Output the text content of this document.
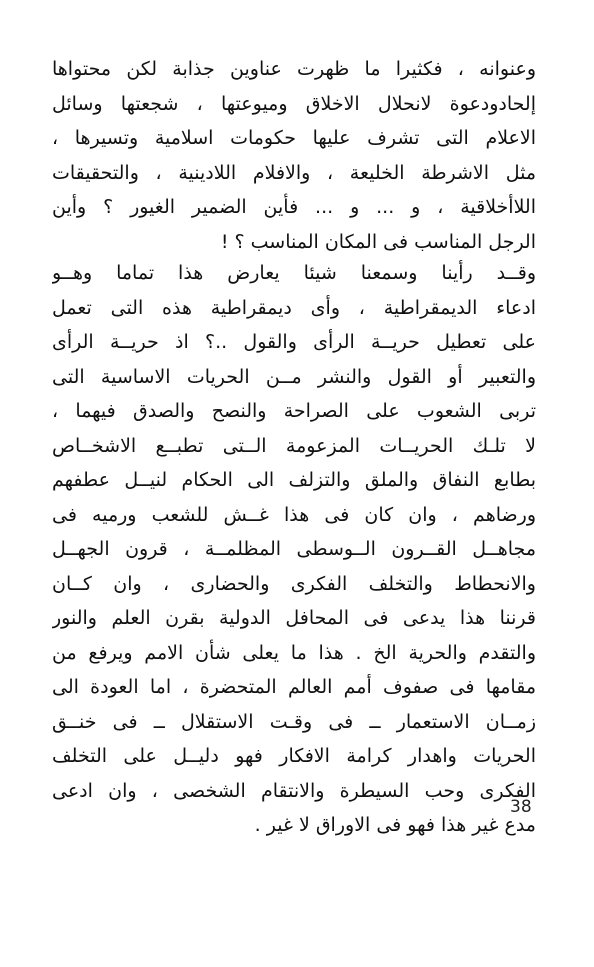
وعنوانه ، فكثيرا ما ظهرت عناوين جذابة لكن محتواها
إلحادودعوة لانحلال الاخلاق وميوعتها ، شجعتها وسائل
الاعلام التى تشرف عليها حكومات اسلامية وتسيرها ،
مثل الاشرطة الخليعة ، والافلام اللادينية ، والتحقيقات
اللاأخلاقية ، و ... و ... فأين الضمير الغيور ؟ وأين
الرجل المناسب فى المكان المناسب ؟ !
وقــد رأينا وسمعنا شيئا يعارض هذا تماما وهــو
ادعاء الديمقراطية ، وأى ديمقراطية هذه التى تعمل
على تعطيل حريــة الرأى والقول ..؟ اذ حريــة الرأى
والتعبير أو القول والنشر مــن الحريات الاساسية التى
تربى الشعوب على الصراحة والنصح والصدق فيهما ،
لا تلـك الحريــات المزعومة الــتى تطبــع الاشخــاص
بطابع النفاق والملق والتزلف الى الحكام لنيــل عطفهم
ورضاهم ، وان كان فى هذا غــش للشعب ورميه فى
مجاهــل القــرون الــوسطى المظلمــة ، قرون الجهــل
والانحطاط والتخلف الفكرى والحضارى ، وان كــان
قرننا هذا يدعى فى المحافل الدولية بقرن العلم والنور
والتقدم والحرية الخ . هذا ما يعلى شأن الامم ويرفع من
مقامها فى صفوف أمم العالم المتحضرة ، اما العودة الى
زمــان الاستعمار ــ فى وقـت الاستقلال ــ فى خنــق
الحريات واهدار كرامة الافكار فهو دليــل على التخلف
الفكرى وحب السيطرة والانتقام الشخصى ، وان ادعى
مدع غير هذا فهو فى الاوراق لا غير .
38
